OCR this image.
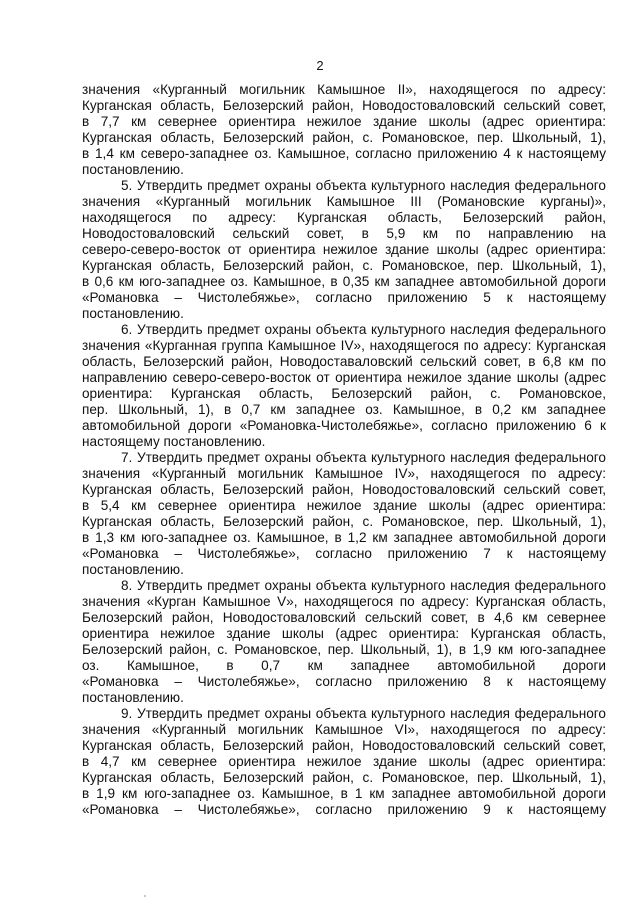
2
значения «Курганный могильник Камышное II», находящегося по адресу:
Курганская область, Белозерский район, Новодостоваловский сельский совет,
в 7,7 км севернее ориентира нежилое здание школы (адрес ориентира:
Курганская область, Белозерский район, с. Романовское, пер. Школьный, 1),
в 1,4 км северо-западнее оз. Камышное, согласно приложению 4 к настоящему
постановлению.
5. Утвердить предмет охраны объекта культурного наследия федерального
значения «Курганный могильник Камышное III (Романовские курганы)»,
находящегося по адресу: Курганская область, Белозерский район,
Новодостоваловский сельский совет, в 5,9 км по направлению на
северо-северо-восток от ориентира нежилое здание школы (адрес ориентира:
Курганская область, Белозерский район, с. Романовское, пер. Школьный, 1),
в 0,6 км юго-западнее оз. Камышное, в 0,35 км западнее автомобильной дороги
«Романовка – Чистолебяжье», согласно приложению 5 к настоящему
постановлению.
6. Утвердить предмет охраны объекта культурного наследия федерального
значения «Курганная группа Камышное IV», находящегося по адресу: Курганская
область, Белозерский район, Новодоставаловский сельский совет, в 6,8 км по
направлению северо-северо-восток от ориентира нежилое здание школы (адрес
ориентира: Курганская область, Белозерский район, с. Романовское,
пер. Школьный, 1), в 0,7 км западнее оз. Камышное, в 0,2 км западнее
автомобильной дороги «Романовка-Чистолебяжье», согласно приложению 6 к
настоящему постановлению.
7. Утвердить предмет охраны объекта культурного наследия федерального
значения «Курганный могильник Камышное IV», находящегося по адресу:
Курганская область, Белозерский район, Новодостоваловский сельский совет,
в 5,4 км севернее ориентира нежилое здание школы (адрес ориентира:
Курганская область, Белозерский район, с. Романовское, пер. Школьный, 1),
в 1,3 км юго-западнее оз. Камышное, в 1,2 км западнее автомобильной дороги
«Романовка – Чистолебяжье», согласно приложению 7 к настоящему
постановлению.
8. Утвердить предмет охраны объекта культурного наследия федерального
значения «Курган Камышное V», находящегося по адресу: Курганская область,
Белозерский район, Новодостоваловский сельский совет, в 4,6 км севернее
ориентира нежилое здание школы (адрес ориентира: Курганская область,
Белозерский район, с. Романовское, пер. Школьный, 1), в 1,9 км юго-западнее
оз. Камышное, в 0,7 км западнее автомобильной дороги
«Романовка – Чистолебяжье», согласно приложению 8 к настоящему
постановлению.
9. Утвердить предмет охраны объекта культурного наследия федерального
значения «Курганный могильник Камышное VI», находящегося по адресу:
Курганская область, Белозерский район, Новодостоваловский сельский совет,
в 4,7 км севернее ориентира нежилое здание школы (адрес ориентира:
Курганская область, Белозерский район, с. Романовское, пер. Школьный, 1),
в 1,9 км юго-западнее оз. Камышное, в 1 км западнее автомобильной дороги
«Романовка – Чистолебяжье», согласно приложению 9 к настоящему
